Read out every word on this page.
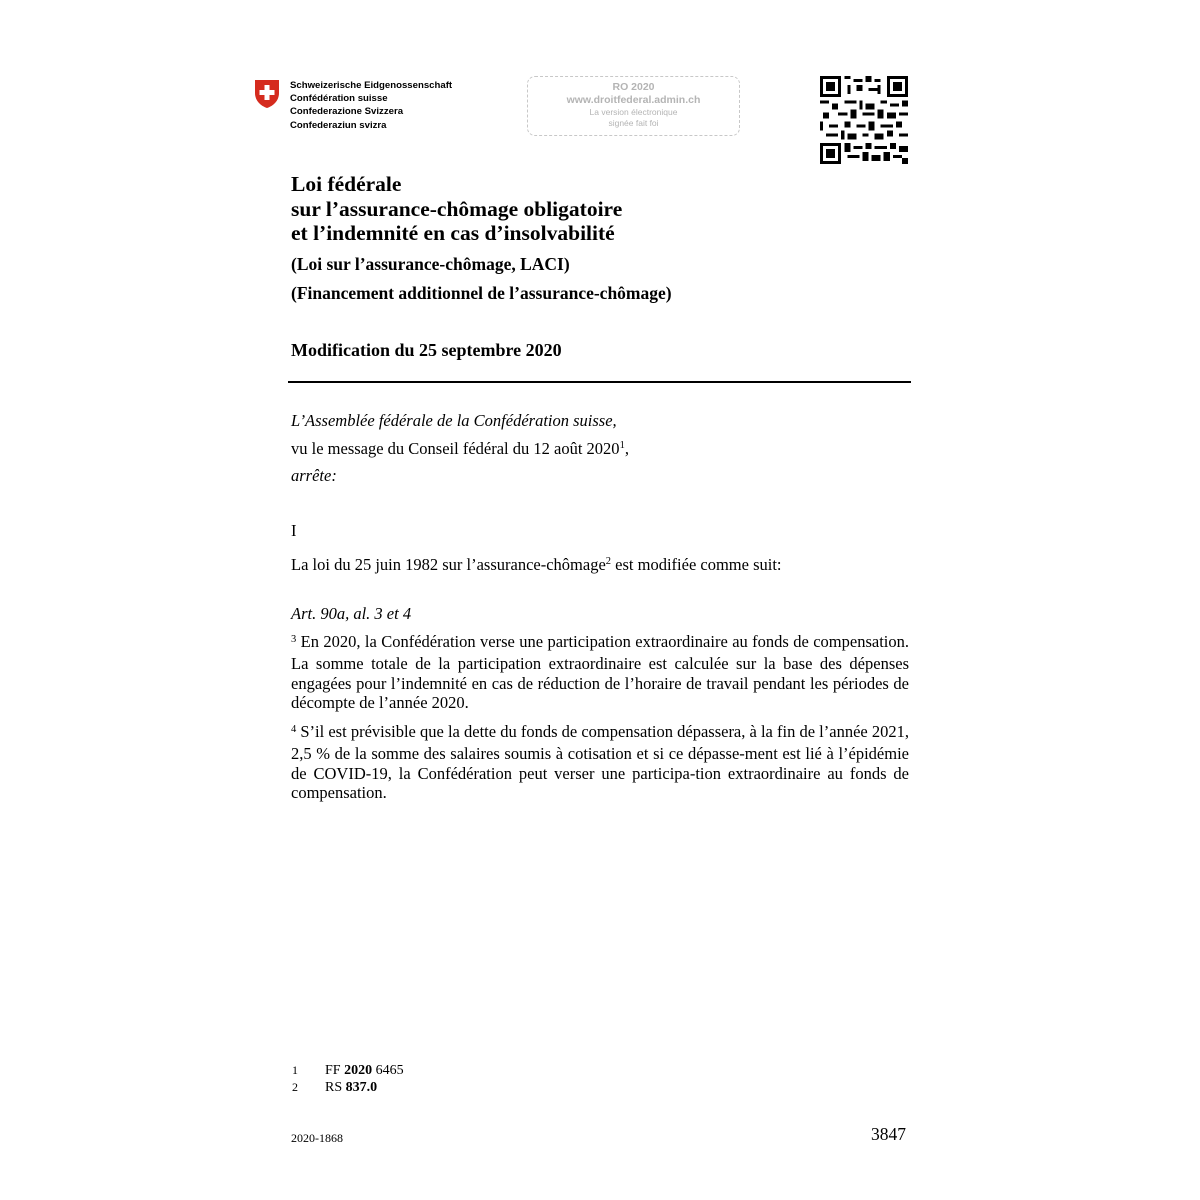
Schweizerische Eidgenossenschaft
Confédération suisse
Confederazione Svizzera
Confederaziun svizra
RO 2020
www.droitfederal.admin.ch
La version électronique
signée fait foi
Loi fédérale
sur l’assurance-chômage obligatoire
et l’indemnité en cas d’insolvabilité
(Loi sur l’assurance-chômage, LACI)
(Financement additionnel de l’assurance-chômage)
Modification du 25 septembre 2020
L’Assemblée fédérale de la Confédération suisse,
vu le message du Conseil fédéral du 12 août 2020$^1$,
arrête:
I
La loi du 25 juin 1982 sur l’assurance-chômage$^2$ est modifiée comme suit:
Art. 90a, al. 3 et 4
$^3$ En 2020, la Confédération verse une participation extraordinaire au fonds de compensation. La somme totale de la participation extraordinaire est calculée sur la base des dépenses engagées pour l’indemnité en cas de réduction de l’horaire de travail pendant les périodes de décompte de l’année 2020.
$^4$ S’il est prévisible que la dette du fonds de compensation dépassera, à la fin de l’année 2021, 2,5 % de la somme des salaires soumis à cotisation et si ce dépasse-ment est lié à l’épidémie de COVID-19, la Confédération peut verser une participa-tion extraordinaire au fonds de compensation.
1 FF 2020 6465
2 RS 837.0
2020-1868	3847
